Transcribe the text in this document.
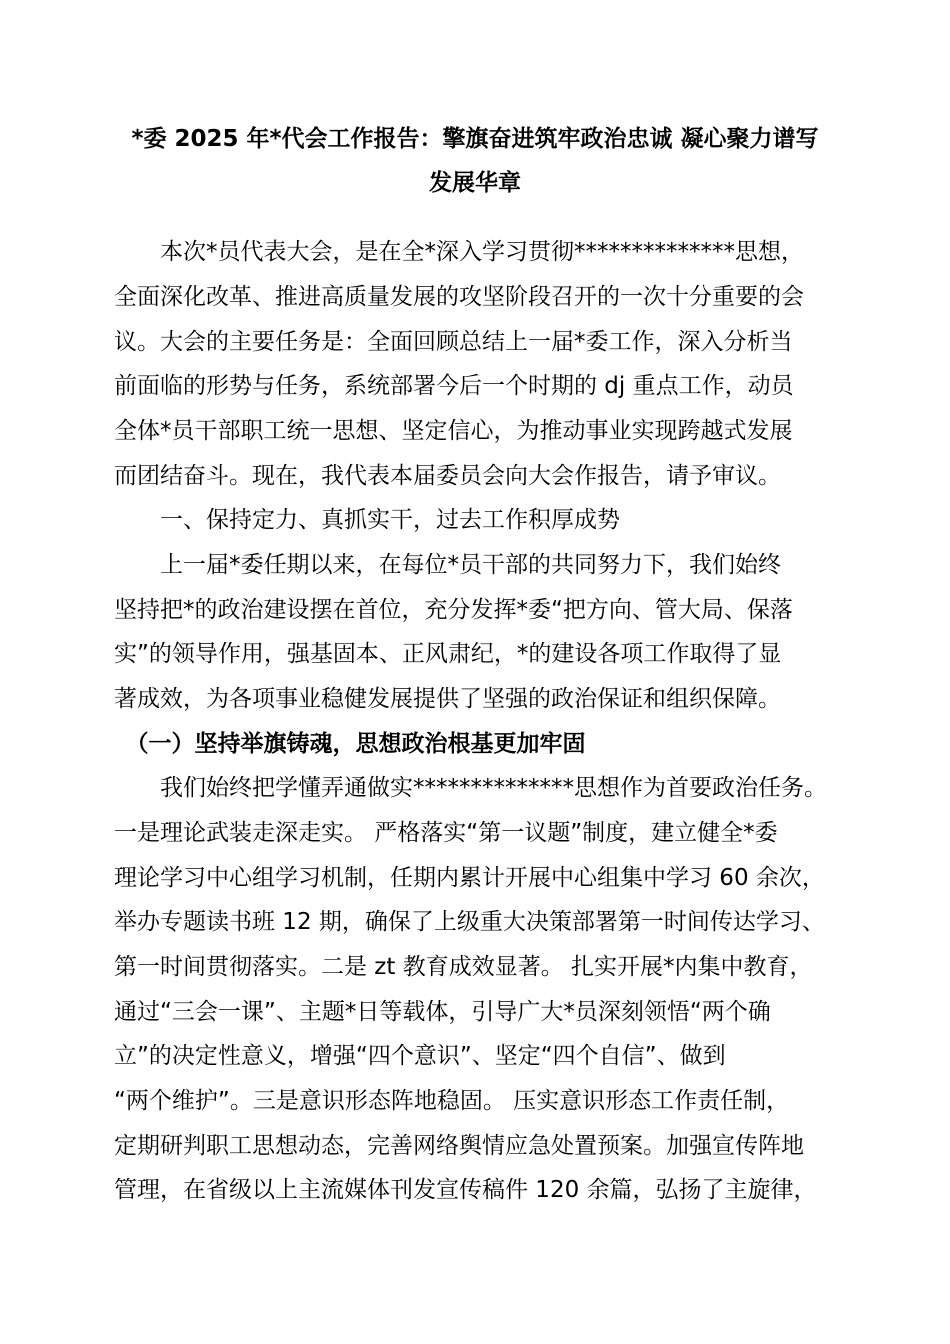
*委 2025 年*代会工作报告：擎旗奋进筑牢政治忠诚 凝心聚力谱写
发展华章
　　本次*员代表大会，是在全*深入学习贯彻**************思想，
全面深化改革、推进高质量发展的攻坚阶段召开的一次十分重要的会
议。大会的主要任务是：全面回顾总结上一届*委工作，深入分析当
前面临的形势与任务，系统部署今后一个时期的 dj 重点工作，动员
全体*员干部职工统一思想、坚定信心，为推动事业实现跨越式发展
而团结奋斗。现在，我代表本届委员会向大会作报告，请予审议。
　　一、保持定力、真抓实干，过去工作积厚成势
　　上一届*委任期以来，在每位*员干部的共同努力下，我们始终
坚持把*的政治建设摆在首位，充分发挥*委“把方向、管大局、保落
实”的领导作用，强基固本、正风肃纪，*的建设各项工作取得了显
著成效，为各项事业稳健发展提供了坚强的政治保证和组织保障。
　（一）坚持举旗铸魂，思想政治根基更加牢固
　　我们始终把学懂弄通做实**************思想作为首要政治任务。
一是理论武装走深走实。 严格落实“第一议题”制度，建立健全*委
理论学习中心组学习机制，任期内累计开展中心组集中学习 60 余次，
举办专题读书班 12 期，确保了上级重大决策部署第一时间传达学习、
第一时间贯彻落实。二是 zt 教育成效显著。 扎实开展*内集中教育，
通过“三会一课”、主题*日等载体，引导广大*员深刻领悟“两个确
立”的决定性意义，增强“四个意识”、坚定“四个自信”、做到
“两个维护”。三是意识形态阵地稳固。 压实意识形态工作责任制，
定期研判职工思想动态，完善网络舆情应急处置预案。加强宣传阵地
管理，在省级以上主流媒体刊发宣传稿件 120 余篇，弘扬了主旋律，
